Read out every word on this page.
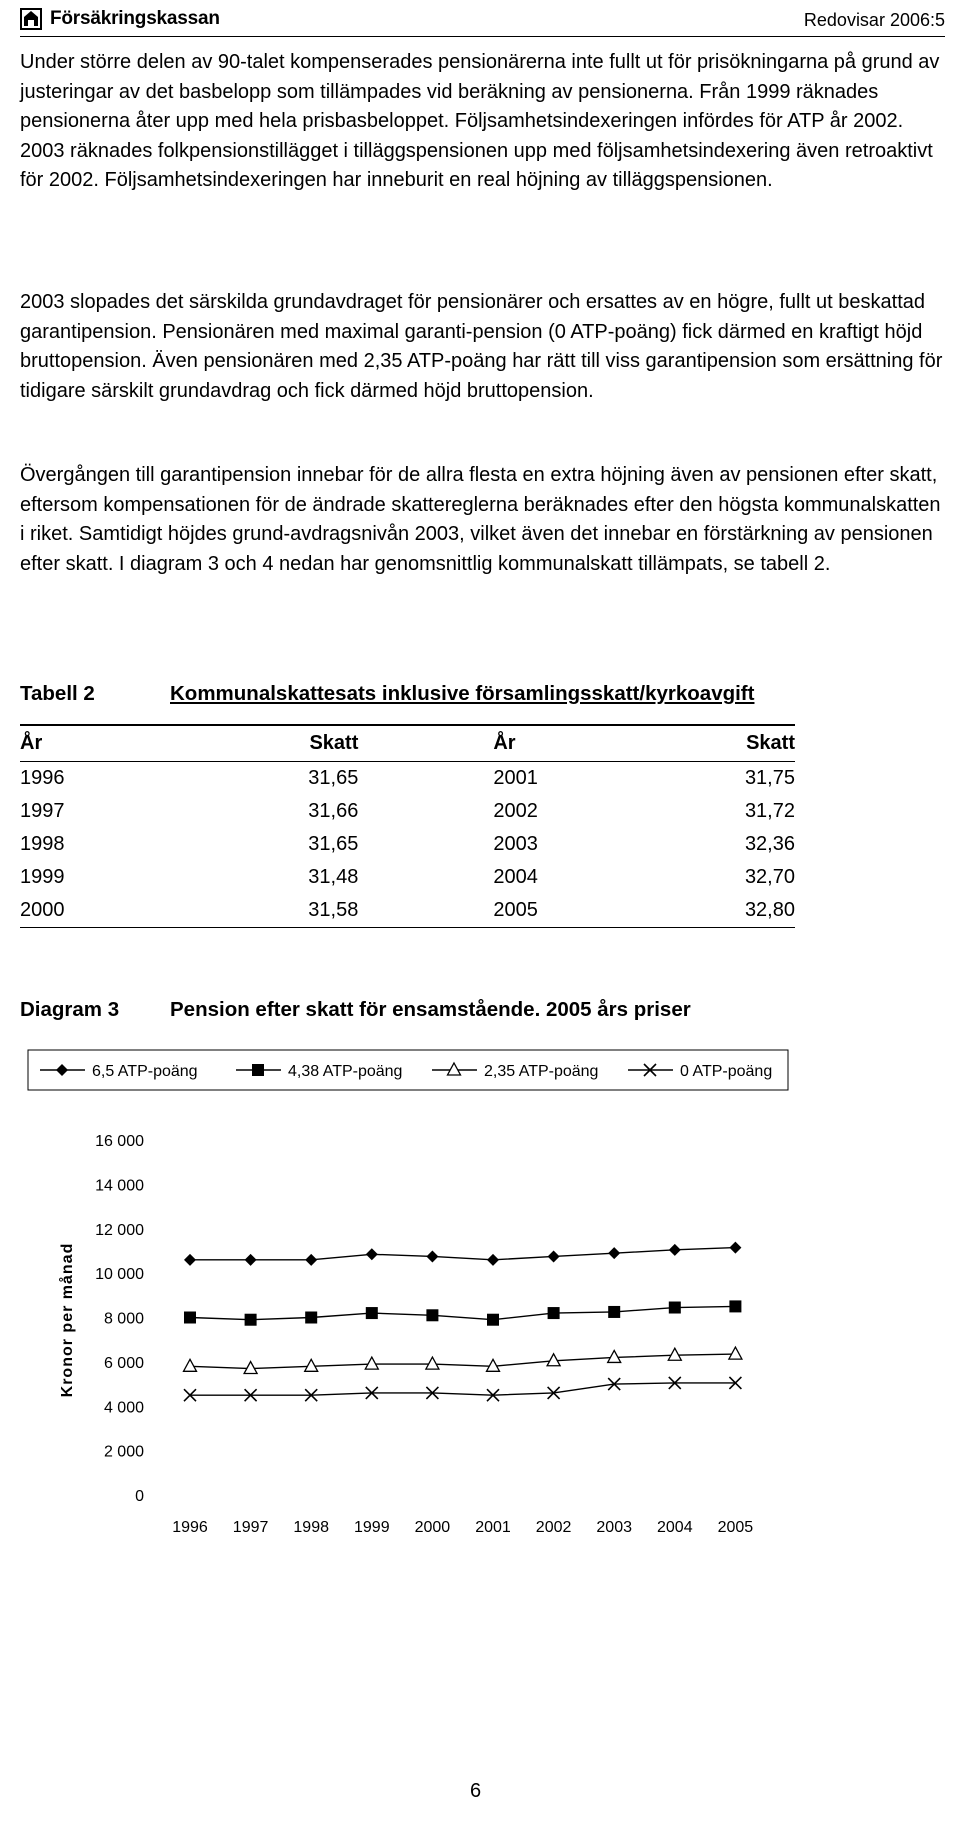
Försäkringskassan	Redovisar 2006:5

Under större delen av 90-talet kompenserades pensionärerna inte fullt ut för prisökningarna på grund av justeringar av det basbelopp som tillämpades vid beräkning av pensionerna. Från 1999 räknades pensionerna åter upp med hela prisbasbeloppet. Följsamhetsindexeringen infördes för ATP år 2002. 2003 räknades folkpensionstillägget i tilläggspensionen upp med följsamhetsindexering även retroaktivt för 2002. Följsamhetsindexeringen har inneburit en real höjning av tilläggspensionen.

2003 slopades det särskilda grundavdraget för pensionärer och ersattes av en högre, fullt ut beskattad garantipension. Pensionären med maximal garanti-pension (0 ATP-poäng) fick därmed en kraftigt höjd bruttopension. Även pensionären med 2,35 ATP-poäng har rätt till viss garantipension som ersättning för tidigare särskilt grundavdrag och fick därmed höjd bruttopension.

Övergången till garantipension innebar för de allra flesta en extra höjning även av pensionen efter skatt, eftersom kompensationen för de ändrade skattereglerna beräknades efter den högsta kommunalskatten i riket. Samtidigt höjdes grund-avdragsnivån 2003, vilket även det innebar en förstärkning av pensionen efter skatt. I diagram 3 och 4 nedan har genomsnittlig kommunalskatt tillämpats, se tabell 2.

Tabell 2	Kommunalskattesats inklusive församlingsskatt/kyrkoavgift
År	Skatt	År	Skatt
1996	31,65	2001	31,75
1997	31,66	2002	31,72
1998	31,65	2003	32,36
1999	31,48	2004	32,70
2000	31,58	2005	32,80
Diagram 3 Pension efter skatt för ensamstående. 2005 års priser
6,5 ATP-poäng	4,38 ATP-poäng	2,35 ATP-poäng	0 ATP-poäng
0
2 000
4 000
6 000
8 000
10 000
12 000
14 000
16 000
Kronor per månad
1996 1997 1998 1999 2000 2001 2002 2003 2004 2005
6
